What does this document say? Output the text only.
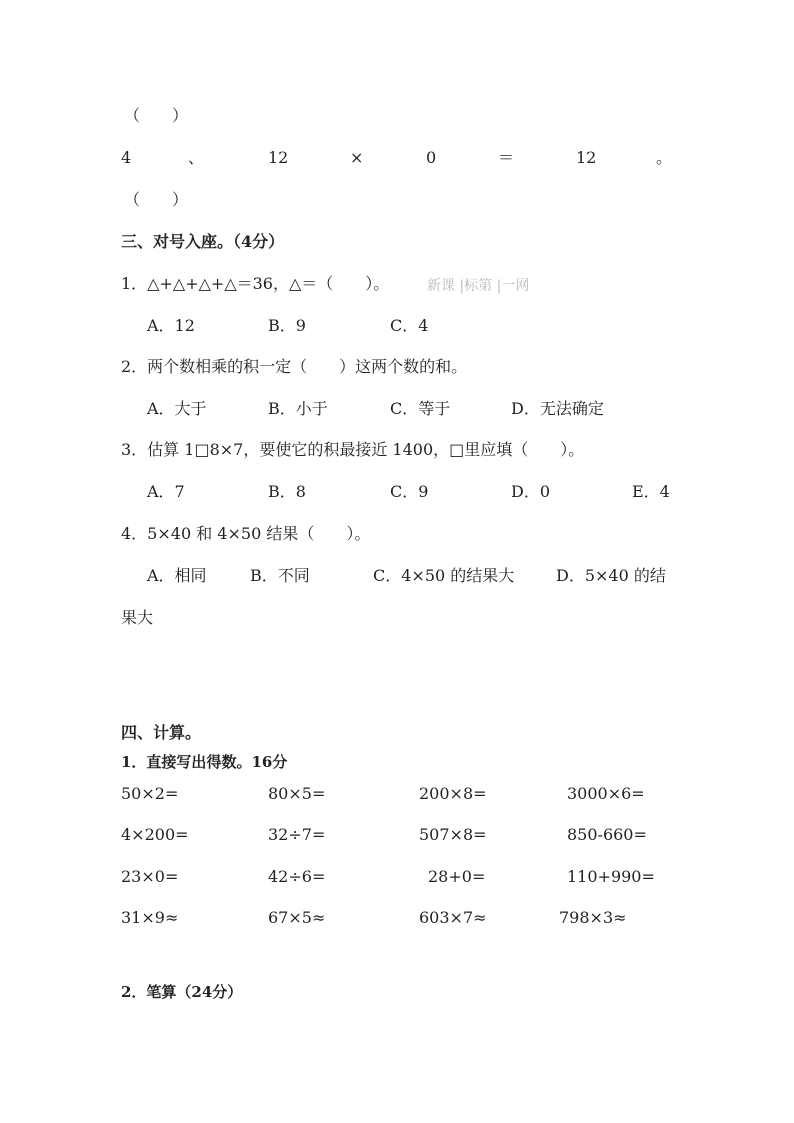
（　　）
4	、	12	×	0	＝	12	。
（　　）
三、对号入座。（4分）
1．△+△+△+△＝36，△＝（　　）。	新课 |标第 |一网
A．12	B．9	C．4
2．两个数相乘的积一定（　　）这两个数的和。
A．大于	B．小于	C．等于	D．无法确定
3．估算 1□8×7，要使它的积最接近 1400，□里应填（　　）。
A．7	B．8	C．9	D．0	E．4
4．5×40 和 4×50 结果（　　）。
A．相同	B．不同	C．4×50 的结果大	D．5×40 的结
果大
四、计算。
1．直接写出得数。16分
50×2=	80×5=	200×8=	3000×6=
4×200=	32÷7=	507×8=	850-660=
23×0=	42÷6=	28+0=	110+990=
31×9≈	67×5≈	603×7≈	798×3≈
2．笔算（24分）
